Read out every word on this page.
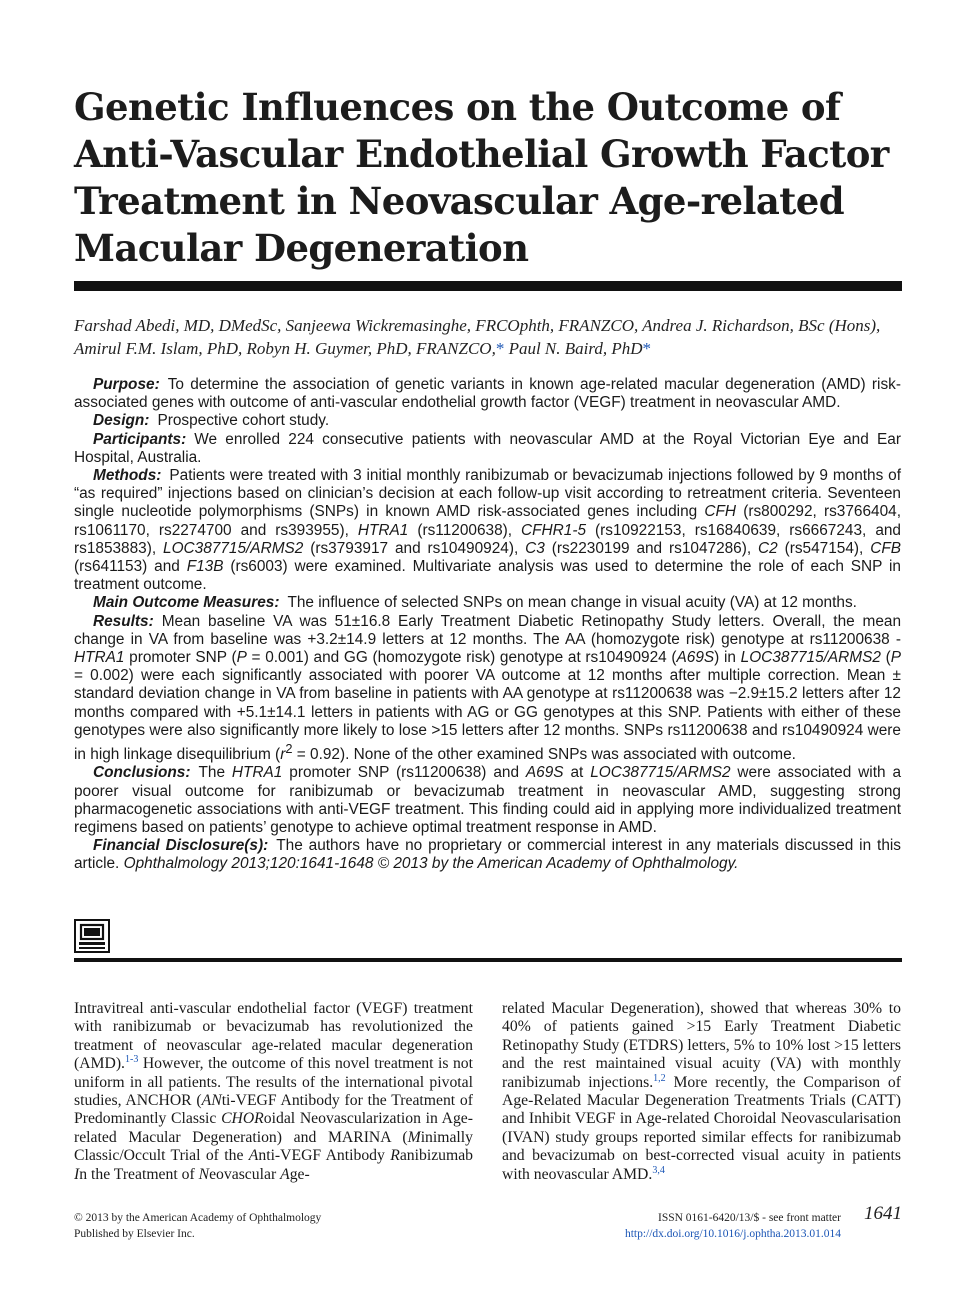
Genetic Influences on the Outcome of Anti-Vascular Endothelial Growth Factor Treatment in Neovascular Age-related Macular Degeneration
Farshad Abedi, MD, DMedSc, Sanjeewa Wickremasinghe, FRCOphth, FRANZCO, Andrea J. Richardson, BSc (Hons),
Amirul F.M. Islam, PhD, Robyn H. Guymer, PhD, FRANZCO,* Paul N. Baird, PhD*

Purpose: To determine the association of genetic variants in known age-related macular degeneration (AMD) risk-associated genes with outcome of anti-vascular endothelial growth factor (VEGF) treatment in neovascular AMD.

Design: Prospective cohort study.

Participants: We enrolled 224 consecutive patients with neovascular AMD at the Royal Victorian Eye and Ear Hospital, Australia.

Methods: Patients were treated with 3 initial monthly ranibizumab or bevacizumab injections followed by 9 months of “as required” injections based on clinician’s decision at each follow-up visit according to retreatment criteria. Seventeen single nucleotide polymorphisms (SNPs) in known AMD risk-associated genes including CFH (rs800292, rs3766404, rs1061170, rs2274700 and rs393955), HTRA1 (rs11200638), CFHR1-5 (rs10922153, rs16840639, rs6667243, and rs1853883), LOC387715/ARMS2 (rs3793917 and rs10490924), C3 (rs2230199 and rs1047286), C2 (rs547154), CFB (rs641153) and F13B (rs6003) were examined. Multivariate analysis was used to determine the role of each SNP in treatment outcome.

Main Outcome Measures: The influence of selected SNPs on mean change in visual acuity (VA) at 12 months.

Results: Mean baseline VA was 51±16.8 Early Treatment Diabetic Retinopathy Study letters. Overall, the mean change in VA from baseline was +3.2±14.9 letters at 12 months. The AA (homozygote risk) genotype at rs11200638 - HTRA1 promoter SNP (P = 0.001) and GG (homozygote risk) genotype at rs10490924 (A69S) in LOC387715/ARMS2 (P = 0.002) were each significantly associated with poorer VA outcome at 12 months after multiple correction. Mean ± standard deviation change in VA from baseline in patients with AA genotype at rs11200638 was −2.9±15.2 letters after 12 months compared with +5.1±14.1 letters in patients with AG or GG genotypes at this SNP. Patients with either of these genotypes were also significantly more likely to lose >15 letters after 12 months. SNPs rs11200638 and rs10490924 were in high linkage disequilibrium $(r^2 = 0.92)$. None of the other examined SNPs was associated with outcome.

Conclusions: The HTRA1 promoter SNP (rs11200638) and A69S at LOC387715/ARMS2 were associated with a poorer visual outcome for ranibizumab or bevacizumab treatment in neovascular AMD, suggesting strong pharmacogenetic associations with anti-VEGF treatment. This finding could aid in applying more individualized treatment regimens based on patients’ genotype to achieve optimal treatment response in AMD.

Financial Disclosure(s): The authors have no proprietary or commercial interest in any materials discussed in this article. Ophthalmology 2013;120:1641-1648 © 2013 by the American Academy of Ophthalmology.

Intravitreal anti-vascular endothelial factor (VEGF) treatment with ranibizumab or bevacizumab has revolutionized the treatment of neovascular age-related macular degeneration (AMD).$^{1-3}$ However, the outcome of this novel treatment is not uniform in all patients. The results of the international pivotal studies, ANCHOR (ANti-VEGF Antibody for the Treatment of Predominantly Classic CHORoidal Neovascularization in Age-related Macular Degeneration) and MARINA (Minimally Classic/Occult Trial of the Anti-VEGF Antibody Ranibizumab In the Treatment of Neovascular Age-
related Macular Degeneration), showed that whereas 30% to 40% of patients gained >15 Early Treatment Diabetic Retinopathy Study (ETDRS) letters, 5% to 10% lost >15 letters and the rest maintained visual acuity (VA) with monthly ranibizumab injections.$^{1,2}$ More recently, the Comparison of Age-Related Macular Degeneration Treatments Trials (CATT) and Inhibit VEGF in Age-related Choroidal Neovascularisation (IVAN) study groups reported similar effects for ranibizumab and bevacizumab on best-corrected visual acuity in patients with neovascular AMD.$^{3,4}$
© 2013 by the American Academy of Ophthalmology
Published by Elsevier Inc.
ISSN 0161-6420/13/$ - see front matter
http://dx.doi.org/10.1016/j.ophtha.2013.01.014
1641
